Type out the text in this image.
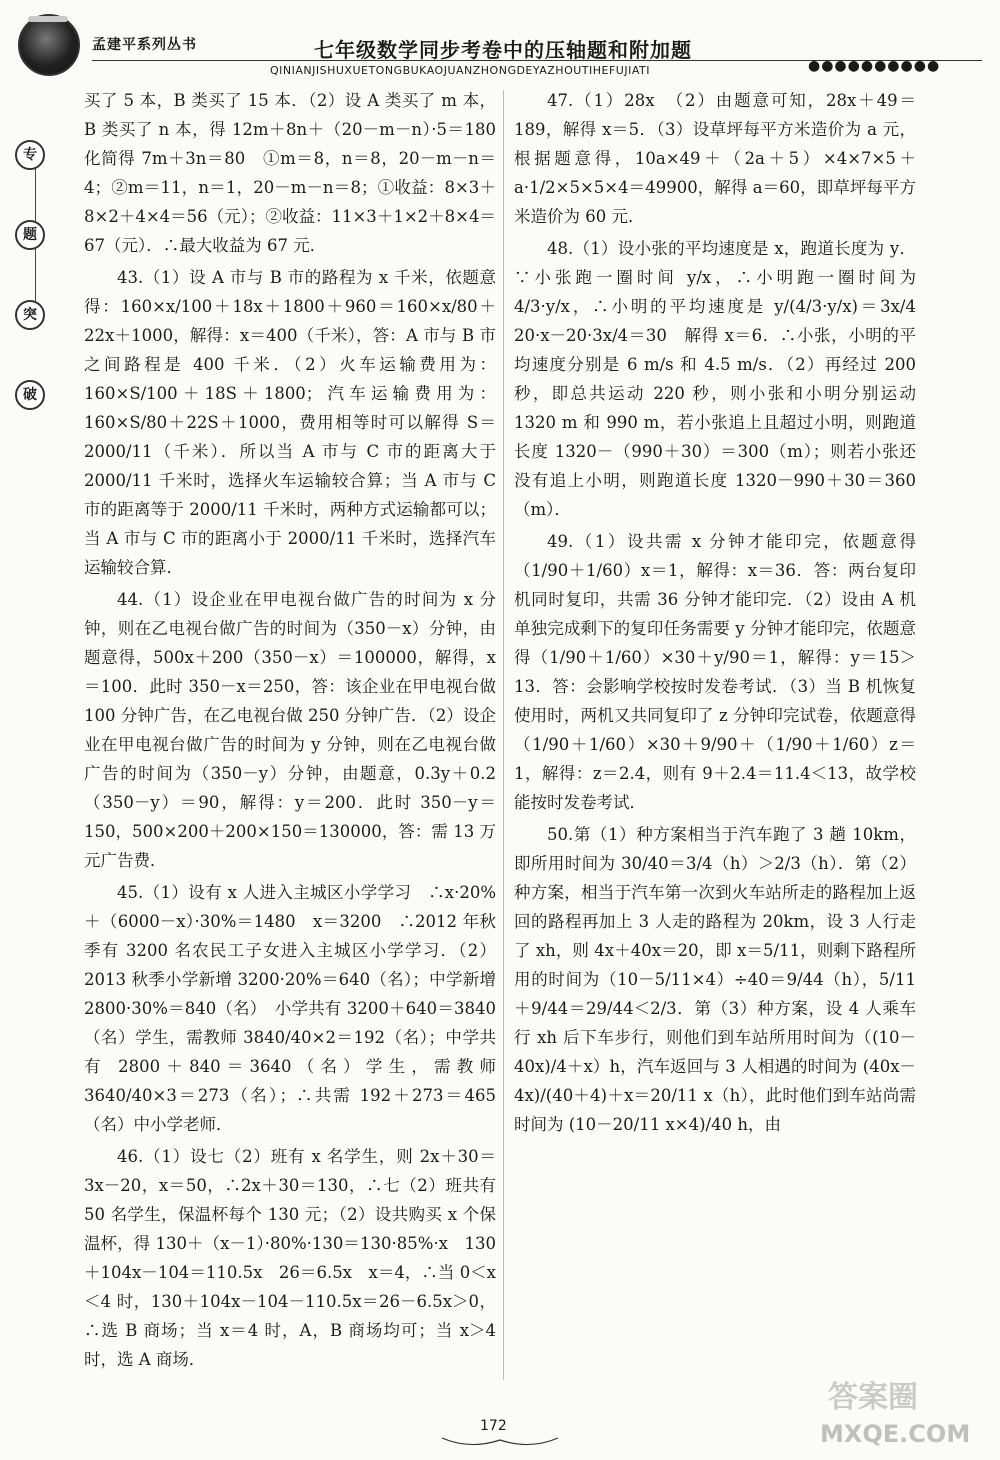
孟建平系列丛书	七年级数学同步考卷中的压轴题和附加题
QINIANJISHUXUETONGBUKAOJUANZHONGDEYAZHOUTIHEFUJIATI	●●●●●●●●●●
专
题
突
破

买了 5 本，B 类买了 15 本．（2）设 A 类买了 m 本，B 类买了 n 本，得 12m＋8n＋（20－m－n）·5＝180　化简得 7m＋3n＝80　①m＝8，n＝8，20－m－n＝4；②m＝11，n＝1，20－m－n＝8；①收益：8×3＋8×2＋4×4＝56（元）；②收益：11×3＋1×2＋8×4＝67（元）．∴最大收益为 67 元．

43.（1）设 A 市与 B 市的路程为 x 千米，依题意得：160×x/100＋18x＋1800＋960＝160×x/80＋22x＋1000，解得：x＝400（千米），答：A 市与 B 市之间路程是 400 千米．（2）火车运输费用为：160×S/100＋18S＋1800；汽车运输费用为：160×S/80＋22S＋1000，费用相等时可以解得 S＝2000/11（千米）．所以当 A 市与 C 市的距离大于 2000/11 千米时，选择火车运输较合算；当 A 市与 C 市的距离等于 2000/11 千米时，两种方式运输都可以；当 A 市与 C 市的距离小于 2000/11 千米时，选择汽车运输较合算．

44.（1）设企业在甲电视台做广告的时间为 x 分钟，则在乙电视台做广告的时间为（350－x）分钟，由题意得，500x＋200（350－x）＝100000，解得，x＝100．此时 350－x＝250，答：该企业在甲电视台做 100 分钟广告，在乙电视台做 250 分钟广告．（2）设企业在甲电视台做广告的时间为 y 分钟，则在乙电视台做广告的时间为（350－y）分钟，由题意，0.3y＋0.2（350－y）＝90，解得：y＝200．此时 350－y＝150，500×200＋200×150＝130000，答：需 13 万元广告费．

45.（1）设有 x 人进入主城区小学学习　∴x·20%＋（6000－x）·30%＝1480　x＝3200　∴2012 年秋季有 3200 名农民工子女进入主城区小学学习．（2）2013 秋季小学新增 3200·20%＝640（名）；中学新增 2800·30%＝840（名）　小学共有 3200＋640＝3840（名）学生，需教师 3840/40×2＝192（名）；中学共有 2800＋840＝3640（名）学生，需教师 3640/40×3＝273（名）；∴共需 192＋273＝465（名）中小学老师．

46.（1）设七（2）班有 x 名学生，则 2x＋30＝3x－20，x＝50，∴2x＋30＝130，∴七（2）班共有 50 名学生，保温杯每个 130 元；（2）设共购买 x 个保温杯，得 130＋（x－1）·80%·130＝130·85%·x　130＋104x－104＝110.5x　26＝6.5x　x＝4，∴当 0＜x＜4 时，130＋104x－104－110.5x＝26－6.5x＞0，∴选 B 商场；当 x＝4 时，A，B 商场均可；当 x＞4 时，选 A 商场．

47.（1）28x　（2）由题意可知，28x＋49＝189，解得 x＝5．（3）设草坪每平方米造价为 a 元，根据题意得，10a×49＋（2a＋5）×4×7×5＋a·1/2×5×5×4＝49900，解得 a＝60，即草坪每平方米造价为 60 元．

48.（1）设小张的平均速度是 x，跑道长度为 y．∵小张跑一圈时间 y/x，∴小明跑一圈时间为 4/3·y/x，∴小明的平均速度是 y/(4/3·y/x)＝3x/4　20·x－20·3x/4＝30　解得 x＝6．∴小张，小明的平均速度分别是 6 m/s 和 4.5 m/s．（2）再经过 200 秒，即总共运动 220 秒，则小张和小明分别运动 1320 m 和 990 m，若小张追上且超过小明，则跑道长度 1320－（990＋30）＝300（m）；则若小张还没有追上小明，则跑道长度 1320－990＋30＝360（m）．

49.（1）设共需 x 分钟才能印完，依题意得（1/90＋1/60）x＝1，解得：x＝36．答：两台复印机同时复印，共需 36 分钟才能印完．（2）设由 A 机单独完成剩下的复印任务需要 y 分钟才能印完，依题意得（1/90＋1/60）×30＋y/90＝1，解得：y＝15＞13．答：会影响学校按时发卷考试．（3）当 B 机恢复使用时，两机又共同复印了 z 分钟印完试卷，依题意得（1/90＋1/60）×30＋9/90＋（1/90＋1/60）z＝1，解得：z＝2.4，则有 9＋2.4＝11.4＜13，故学校能按时发卷考试．

50.第（1）种方案相当于汽车跑了 3 趟 10km，即所用时间为 30/40＝3/4（h）＞2/3（h）．第（2）种方案，相当于汽车第一次到火车站所走的路程加上返回的路程再加上 3 人走的路程为 20km，设 3 人行走了 xh，则 4x＋40x＝20，即 x＝5/11，则剩下路程所用的时间为（10－5/11×4）÷40＝9/44（h），5/11＋9/44＝29/44＜2/3．第（3）种方案，设 4 人乘车行 xh 后下车步行，则他们到车站所用时间为（(10－40x)/4＋x）h，汽车返回与 3 人相遇的时间为 (40x－4x)/(40＋4)＋x＝20/11 x（h），此时他们到车站尚需时间为 (10－20/11 x×4)/40 h，由

172
答案圈
MXQE.COM
